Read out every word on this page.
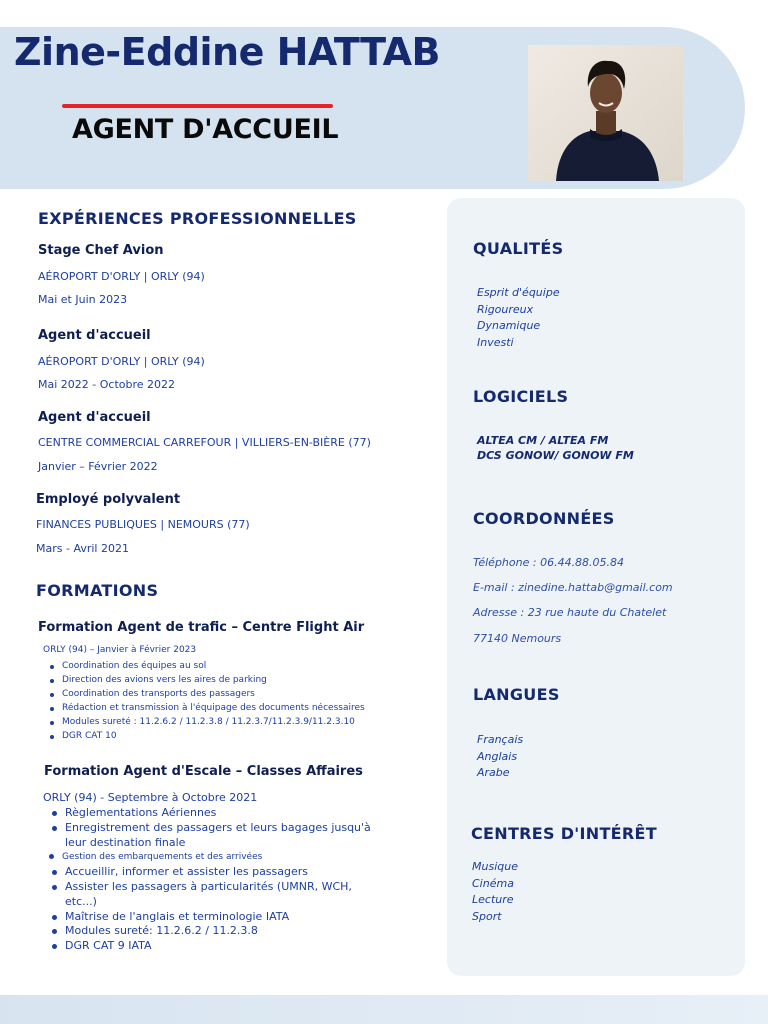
Zine-Eddine HATTAB
AGENT D'ACCUEIL
QUALITÉS
Esprit d'équipe
Rigoureux
Dynamique
Investi
LOGICIELS
ALTEA CM / ALTEA FM
DCS GONOW/ GONOW FM
COORDONNÉES
Téléphone : 06.44.88.05.84
E-mail : zinedine.hattab@gmail.com
Adresse : 23 rue haute du Chatelet
77140 Nemours
LANGUES
Français
Anglais
Arabe
CENTRES D'INTÉRÊT
Musique
Cinéma
Lecture
Sport
EXPÉRIENCES PROFESSIONNELLES
Stage Chef Avion
AÉROPORT D'ORLY | ORLY (94)
Mai et Juin 2023
Agent d'accueil
AÉROPORT D'ORLY | ORLY (94)
Mai 2022 - Octobre 2022
Agent d'accueil
CENTRE COMMERCIAL CARREFOUR | VILLIERS-EN-BIÈRE (77)
Janvier – Février 2022
Employé polyvalent
FINANCES PUBLIQUES | NEMOURS (77)
Mars - Avril 2021
FORMATIONS
Formation Agent de trafic – Centre Flight Air
ORLY (94) – Janvier à Février 2023
Coordination des équipes au sol
Direction des avions vers les aires de parking
Coordination des transports des passagers
Rédaction et transmission à l'équipage des documents nécessaires
Modules sureté : 11.2.6.2 / 11.2.3.8 / 11.2.3.7/11.2.3.9/11.2.3.10
DGR CAT 10
Formation Agent d'Escale – Classes Affaires
ORLY (94) - Septembre à Octobre 2021
Règlementations Aériennes
Enregistrement des passagers et leurs bagages jusqu'à
leur destination finale
Gestion des embarquements et des arrivées
Accueillir, informer et assister les passagers
Assister les passagers à particularités (UMNR, WCH,
etc...)
Maîtrise de l'anglais et terminologie IATA
Modules sureté: 11.2.6.2 / 11.2.3.8
DGR CAT 9 IATA
